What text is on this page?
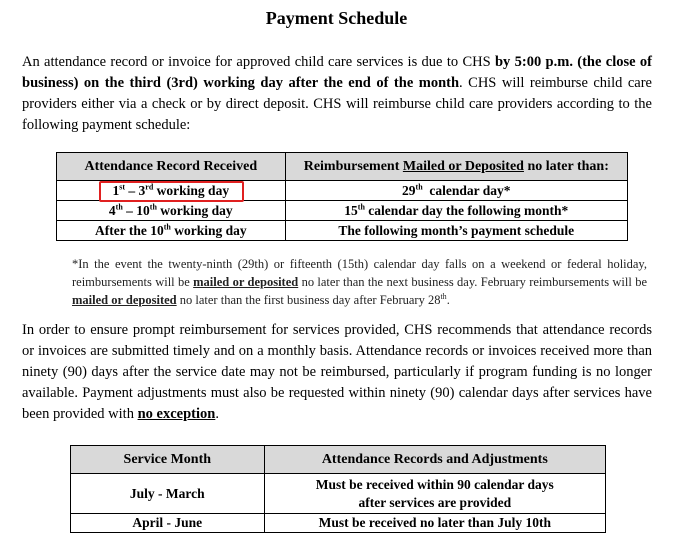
Payment Schedule
An attendance record or invoice for approved child care services is due to CHS by 5:00 p.m. (the close of business) on the third (3rd) working day after the end of the month. CHS will reimburse child care providers either via a check or by direct deposit. CHS will reimburse child care providers according to the following payment schedule:
Attendance Record Received	Reimbursement Mailed or Deposited no later than:

1st – 3rd working day	29th  calendar day*
4th – 10th working day	15th calendar day the following month*
After the 10th working day	The following month’s payment schedule
*In the event the twenty-ninth (29th) or fifteenth (15th) calendar day falls on a weekend or federal holiday, reimbursements will be mailed or deposited no later than the next business day. February reimbursements will be mailed or deposited no later than the first business day after February 28th.
In order to ensure prompt reimbursement for services provided, CHS recommends that attendance records or invoices are submitted timely and on a monthly basis. Attendance records or invoices received more than ninety (90) days after the service date may not be reimbursed, particularly if program funding is no longer available. Payment adjustments must also be requested within ninety (90) calendar days after services have been provided with no exception.
Service Month	Attendance Records and Adjustments
July - March	Must be received within 90 calendar days after services are provided
April - June	Must be received no later than July 10th
